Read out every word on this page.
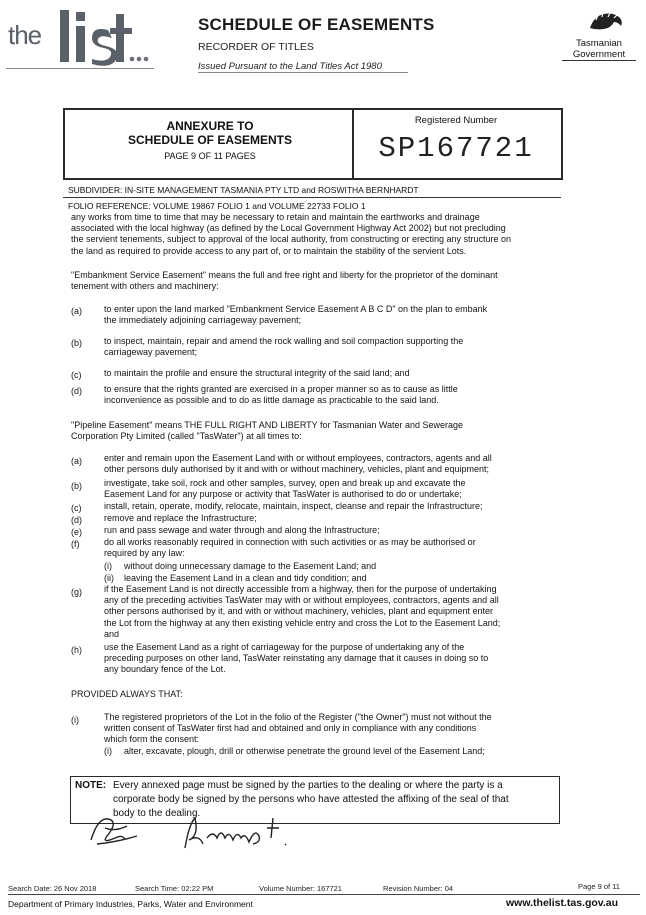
the	SCHEDULE OF EASEMENTS
RECORDER OF TITLES
Issued Pursuant to the Land Titles Act 1980
Tasmanian
Government
ANNEXURE TO
SCHEDULE OF EASEMENTS
PAGE 9 OF 11 PAGES
Registered Number
SP167721
SUBDIVIDER: IN-SITE MANAGEMENT TASMANIA PTY LTD and ROSWITHA BERNHARDT
FOLIO REFERENCE: VOLUME 19867 FOLIO 1 and VOLUME 22733 FOLIO 1
any works from time to time that may be necessary to retain and maintain the earthworks and drainage
associated with the local highway (as defined by the Local Government Highway Act 2002) but not precluding
the servient tenements, subject to approval of the local authority, from constructing or erecting any structure on
the land as required to provide access to any part of, or to maintain the stability of the servient Lots.
"Embankment Service Easement" means the full and free right and liberty for the proprietor of the dominant
tenement with others and machinery:
(a) to enter upon the land marked "Embankment Service Easement A B C D" on the plan to embank
the immediately adjoining carriageway pavement;
(b) to inspect, maintain, repair and amend the rock walling and soil compaction supporting the
carriageway pavement;
(c)	to maintain the profile and ensure the structural integrity of the said land; and
(d) to ensure that the rights granted are exercised in a proper manner so as to cause as little
inconvenience as possible and to do as little damage as practicable to the said land.
"Pipeline Easement" means THE FULL RIGHT AND LIBERTY for Tasmanian Water and Sewerage
Corporation Pty Limited (called "TasWater") at all times to:
(a) enter and remain upon the Easement Land with or without employees, contractors, agents and all
other persons duly authorised by it and with or without machinery, vehicles, plant and equipment;
(b) investigate, take soil, rock and other samples, survey, open and break up and excavate the
Easement Land for any purpose or activity that TasWater is authorised to do or undertake;
(c)	install, retain, operate, modify, relocate, maintain, inspect, cleanse and repair the Infrastructure;
(d) remove and replace the Infrastructure;
(e) run and pass sewage and water through and along the Infrastructure;
(f)	do all works reasonably required in connection with such activities or as may be authorised or
required by any law:
(i) without doing unnecessary damage to the Easement Land; and
(ii) leaving the Easement Land in a clean and tidy condition; and
(g) if the Easement Land is not directly accessible from a highway, then for the purpose of undertaking
any of the preceding activities TasWater may with or without employees, contractors, agents and all
other persons authorised by it, and with or without machinery, vehicles, plant and equipment enter
the Lot from the highway at any then existing vehicle entry and cross the Lot to the Easement Land;
and
(h) use the Easement Land as a right of carriageway for the purpose of undertaking any of the
preceding purposes on other land, TasWater reinstating any damage that it causes in doing so to
any boundary fence of the Lot.
PROVIDED ALWAYS THAT:
(i)	The registered proprietors of the Lot in the folio of the Register ("the Owner") must not without the
written consent of TasWater first had and obtained and only in compliance with any conditions
which form the consent:
(i) alter, excavate, plough, drill or otherwise penetrate the ground level of the Easement Land;
NOTE: Every annexed page must be signed by the parties to the dealing or where the party is a
corporate body be signed by the persons who have attested the affixing of the seal of that
body to the dealing.
Search Date: 26 Nov 2018	Search Time: 02:22 PM	Volume Number: 167721	Revision Number: 04	Page 9 of 11
Department of Primary Industries, Parks, Water and Environment	www.thelist.tas.gov.au
